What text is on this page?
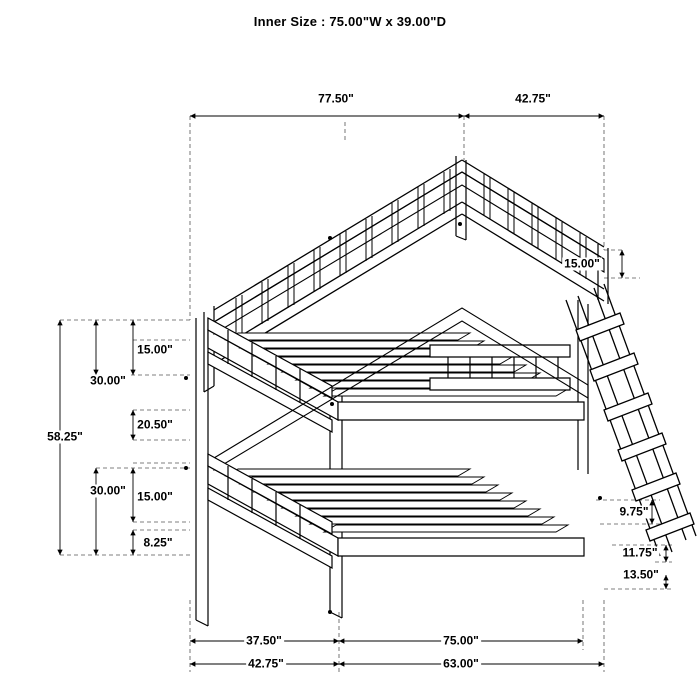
Inner Size : 75.00"W x 39.00"D
77.50"	42.75"
15.00"
15.00"
30.00"
20.50"
58.25"
30.00" 15.00"
8.25"
9.75"
11.75"
13.50"
37.50"	75.00"
42.75"	63.00"
